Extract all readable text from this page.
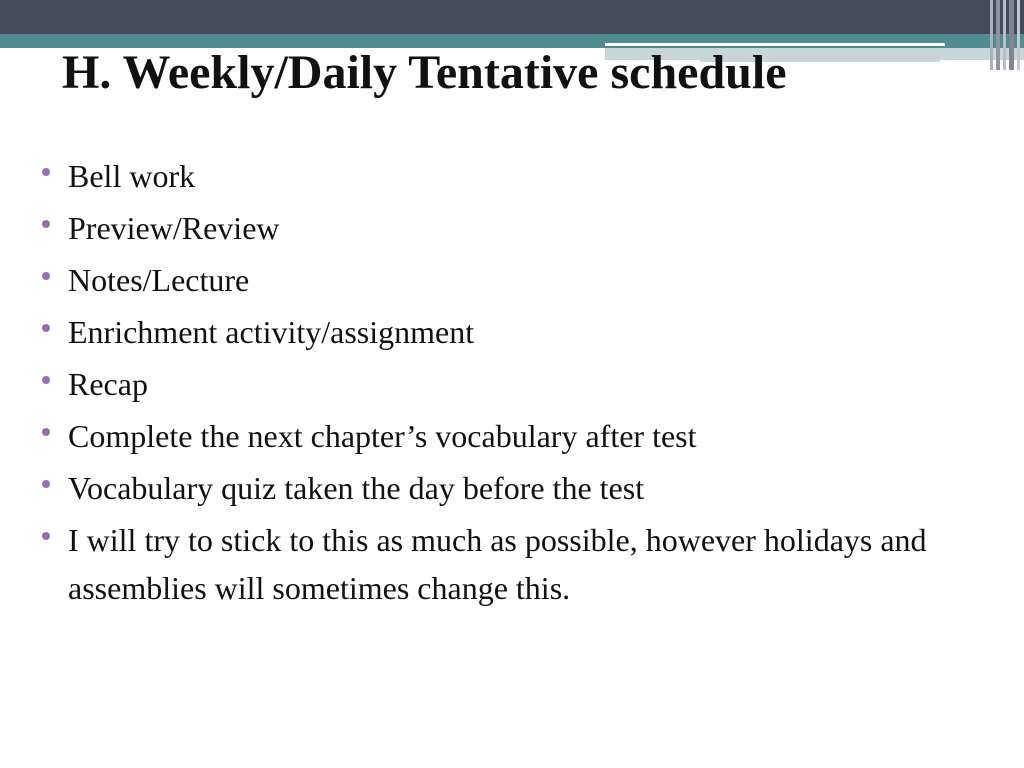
H. Weekly/Daily Tentative schedule
Bell work
Preview/Review
Notes/Lecture
Enrichment activity/assignment
Recap
Complete the next chapter’s vocabulary after test
Vocabulary quiz taken the day before the test
I will try to stick to this as much as possible, however holidays and assemblies will sometimes change this.
